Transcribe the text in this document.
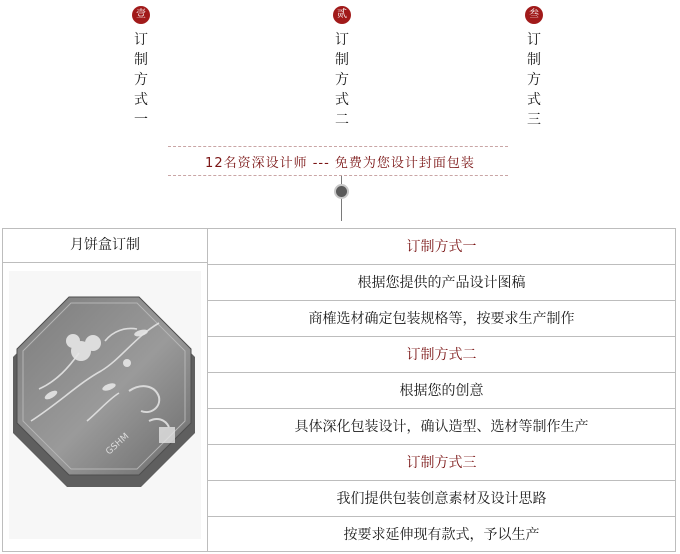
壹
订
制
方
式
一
贰
订
制
方
式
二
叁
订
制
方
式
三
12名资深设计师 --- 免费为您设计封面包装
月饼盒订制
GSHM
订制方式一
根据您提供的产品设计图稿
商榷选材确定包装规格等，按要求生产制作
订制方式二
根据您的创意
具体深化包装设计，确认造型、选材等制作生产
订制方式三
我们提供包装创意素材及设计思路
按要求延伸现有款式，予以生产
